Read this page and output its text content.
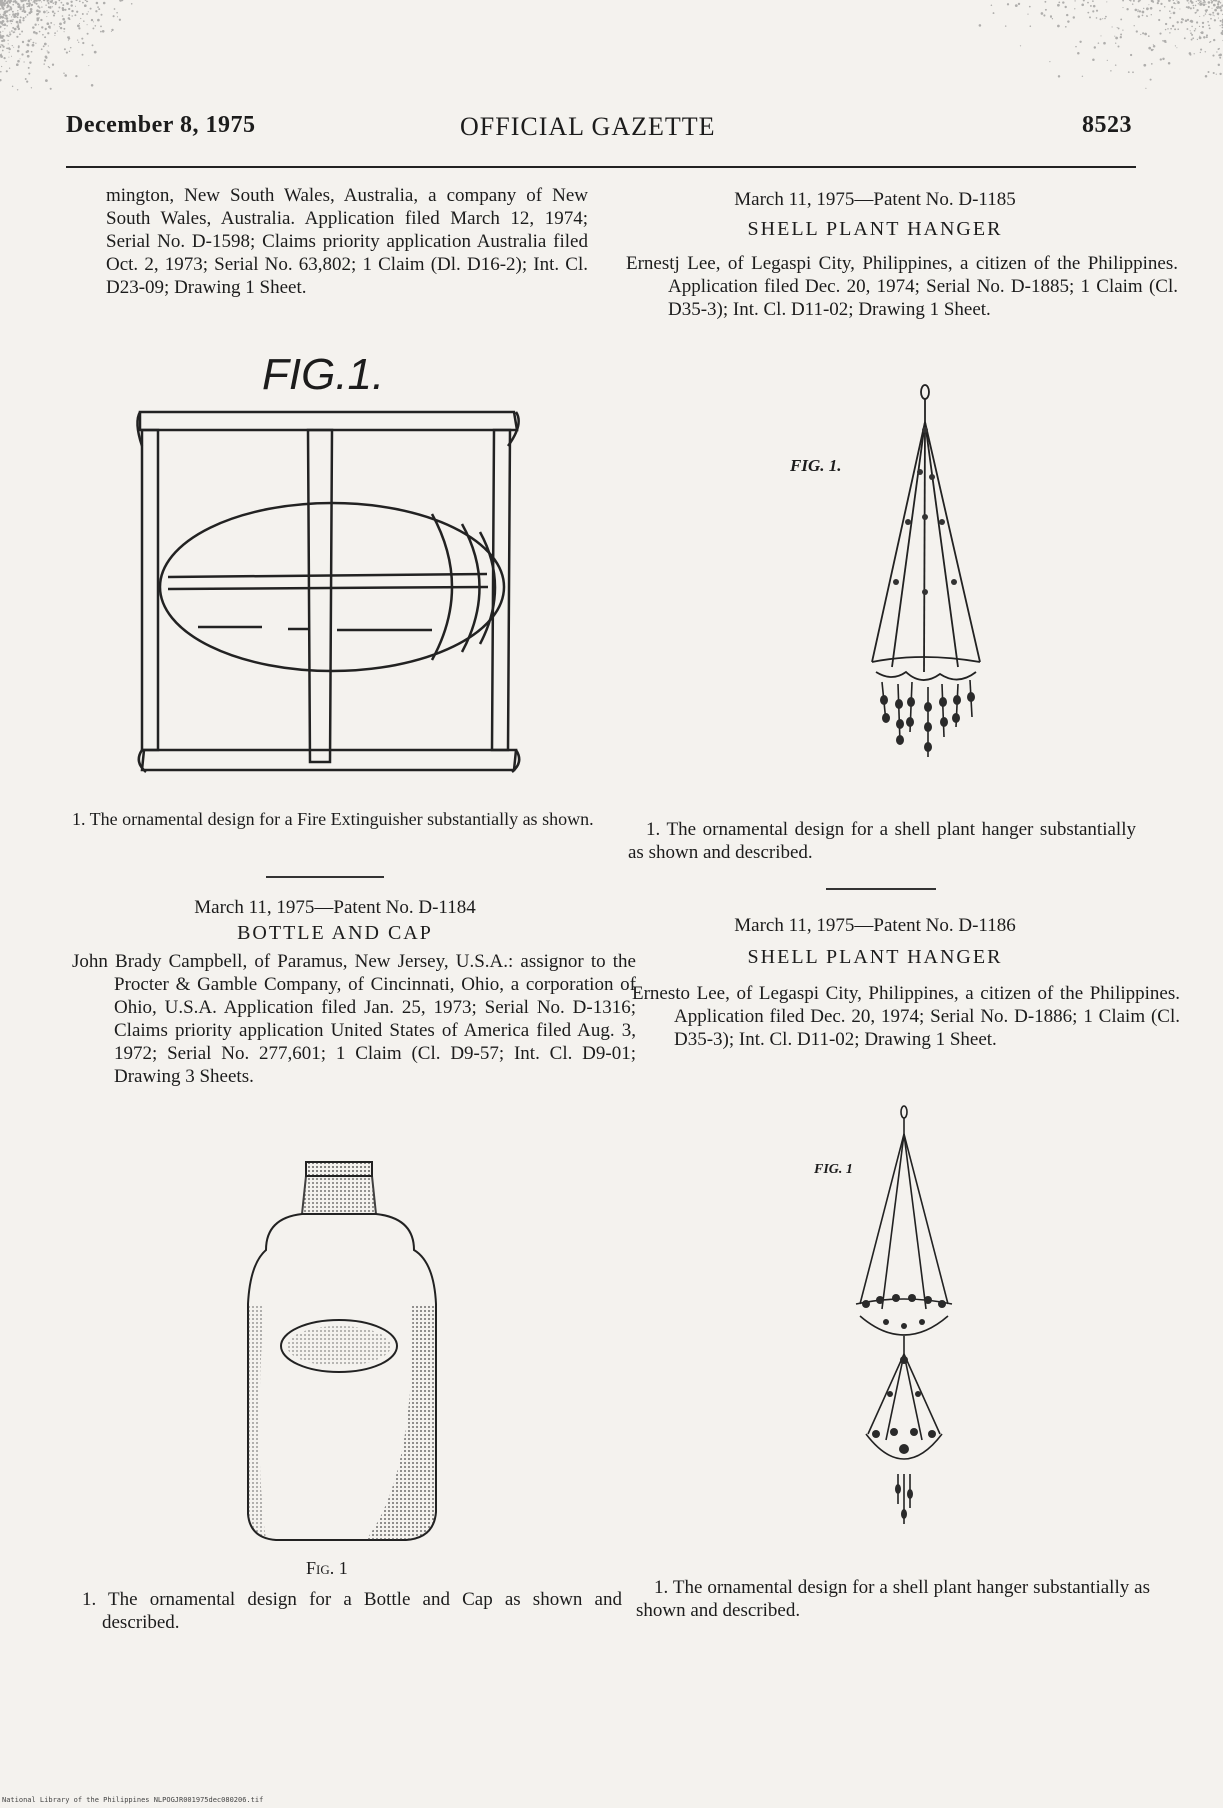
December 8, 1975	OFFICIAL GAZETTE	8523
mington, New South Wales, Australia, a company of New South Wales, Australia. Application filed March 12, 1974; Serial No. D-1598; Claims priority application Australia filed Oct. 2, 1973; Serial No. 63,802; 1 Claim (Dl. D16-2); Int. Cl. D23-09; Drawing 1 Sheet.
FIG.1.
1. The ornamental design for a Fire Extinguisher substantially as shown.
March 11, 1975—Patent No. D-1184
BOTTLE AND CAP
John Brady Campbell, of Paramus, New Jersey, U.S.A.: assignor to the Procter & Gamble Company, of Cincinnati, Ohio, a corporation of Ohio, U.S.A. Application filed Jan. 25, 1973; Serial No. D-1316; Claims priority application United States of America filed Aug. 3, 1972; Serial No. 277,601; 1 Claim (Cl. D9-57; Int. Cl. D9-01; Drawing 3 Sheets.
Fig. 1
1. The ornamental design for a Bottle and Cap as shown and described.
March 11, 1975—Patent No. D-1185
SHELL PLANT HANGER
Ernestj Lee, of Legaspi City, Philippines, a citizen of the Philippines. Application filed Dec. 20, 1974; Serial No. D-1885; 1 Claim (Cl. D35-3); Int. Cl. D11-02; Drawing 1 Sheet.
FIG. 1.
1. The ornamental design for a shell plant hanger substantially as shown and described.
March 11, 1975—Patent No. D-1186
SHELL PLANT HANGER
Ernesto Lee, of Legaspi City, Philippines, a citizen of the Philippines. Application filed Dec. 20, 1974; Serial No. D-1886; 1 Claim (Cl. D35-3); Int. Cl. D11-02; Drawing 1 Sheet.
FIG. 1
1. The ornamental design for a shell plant hanger substantially as shown and described.
National Library of the Philippines NLPOGJR001975dec080206.tif
